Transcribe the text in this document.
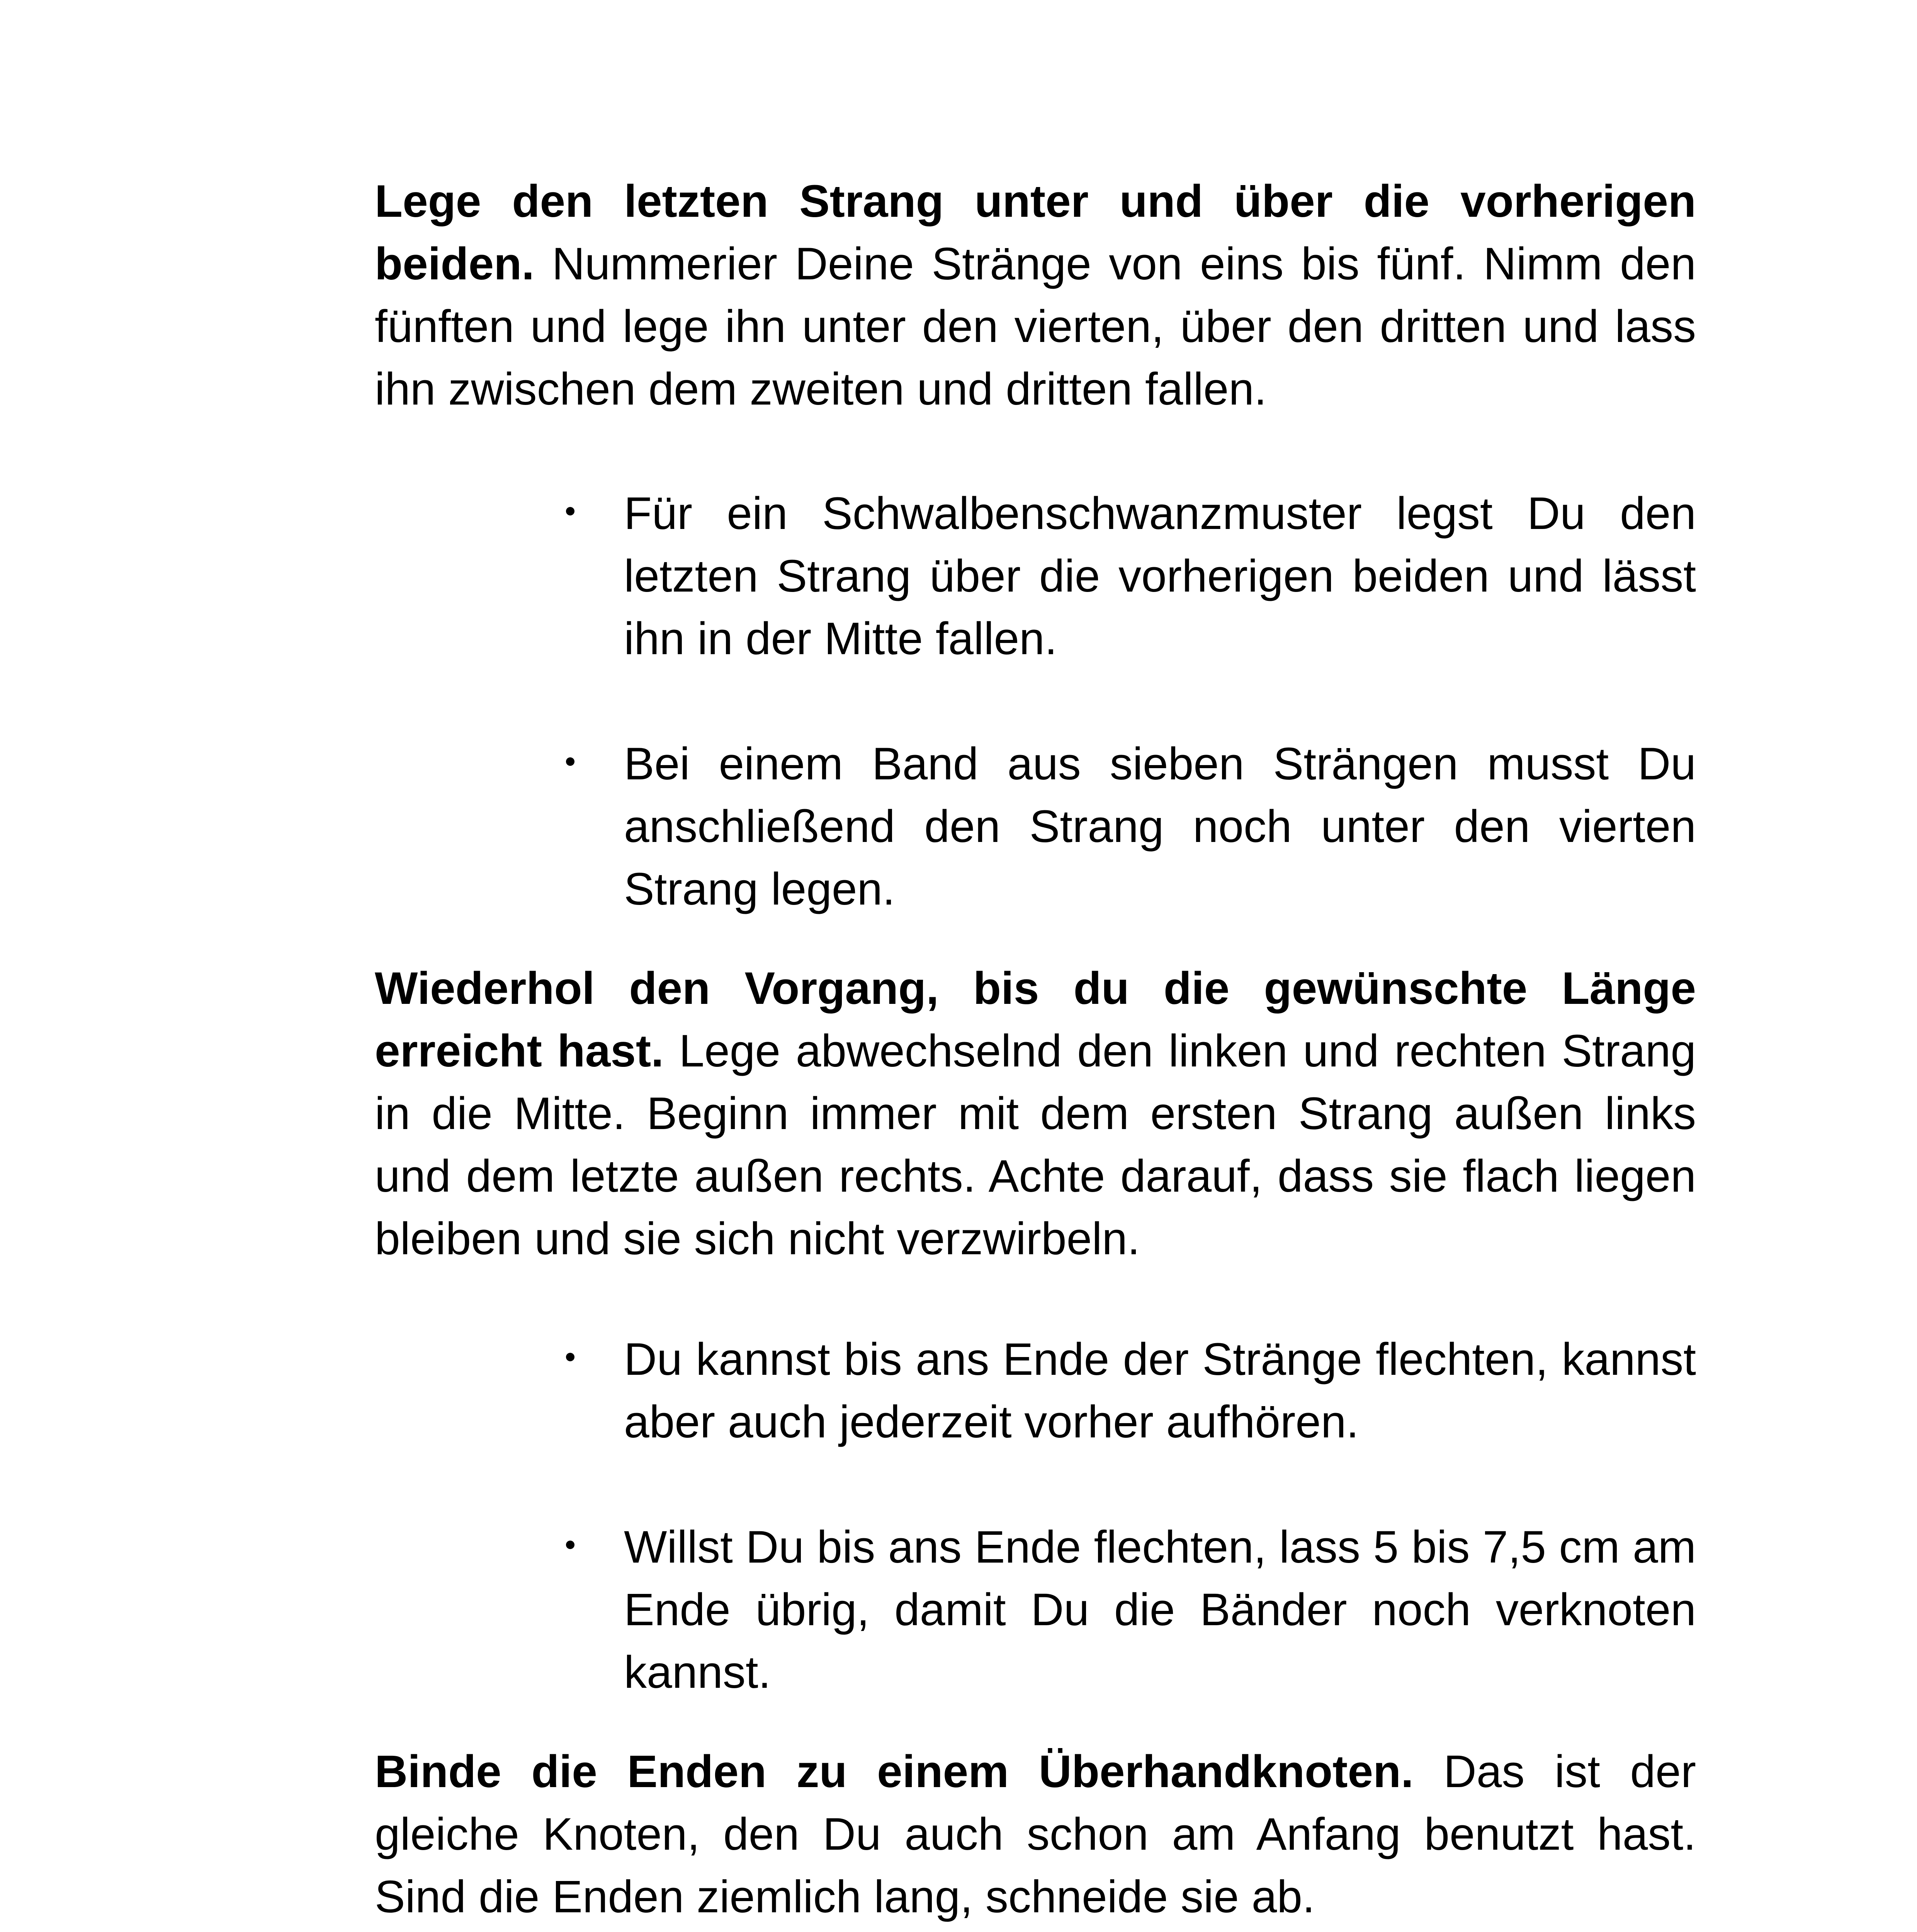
Lege den letzten Strang unter und über die vorherigen beiden. Nummerier Deine Stränge von eins bis fünf. Nimm den fünften und lege ihn unter den vierten, über den dritten und lass ihn zwischen dem zweiten und dritten fallen.

Für ein Schwalbenschwanzmuster legst Du den letzten Strang über die vorherigen beiden und lässt ihn in der Mitte fallen.
Bei einem Band aus sieben Strängen musst Du anschließend den Strang noch unter den vierten Strang legen.

Wiederhol den Vorgang, bis du die gewünschte Länge erreicht hast. Lege abwechselnd den linken und rechten Strang in die Mitte. Beginn immer mit dem ersten Strang außen links und dem letzte außen rechts. Achte darauf, dass sie flach liegen bleiben und sie sich nicht verzwirbeln.

Du kannst bis ans Ende der Stränge flechten, kannst aber auch jederzeit vorher aufhören.
Willst Du bis ans Ende flechten, lass 5 bis 7,5 cm am Ende übrig, damit Du die Bänder noch verknoten kannst.

Binde die Enden zu einem Überhandknoten. Das ist der gleiche Knoten, den Du auch schon am Anfang benutzt hast. Sind die Enden ziemlich lang, schneide sie ab.
